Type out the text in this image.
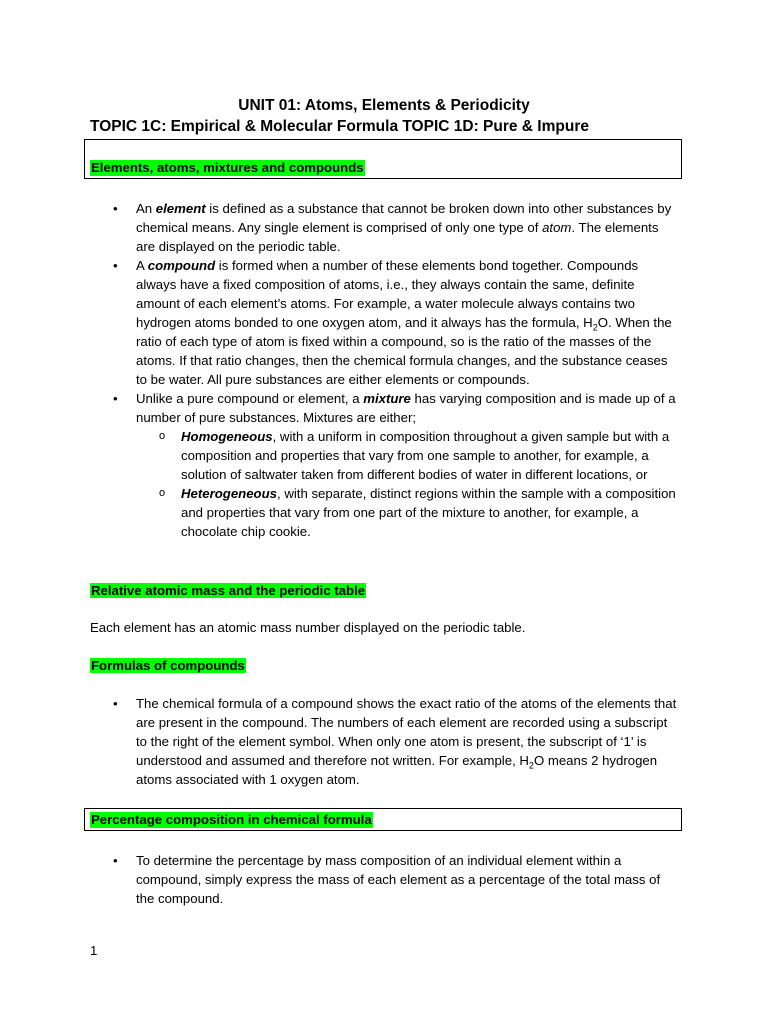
UNIT 01: Atoms, Elements & Periodicity
TOPIC 1C: Empirical & Molecular Formula TOPIC 1D: Pure & Impure
Elements, atoms, mixtures and compounds
• An element is defined as a substance that cannot be broken down into other substances by chemical means. Any single element is comprised of only one type of atom. The elements are displayed on the periodic table.
• A compound is formed when a number of these elements bond together. Compounds always have a fixed composition of atoms, i.e., they always contain the same, definite amount of each element’s atoms. For example, a water molecule always contains two hydrogen atoms bonded to one oxygen atom, and it always has the formula, $H_2O$. When the ratio of each type of atom is fixed within a compound, so is the ratio of the masses of the atoms. If that ratio changes, then the chemical formula changes, and the substance ceases to be water. All pure substances are either elements or compounds.
• Unlike a pure compound or element, a mixture has varying composition and is made up of a number of pure substances. Mixtures are either;
o Homogeneous, with a uniform in composition throughout a given sample but with a composition and properties that vary from one sample to another, for example, a solution of saltwater taken from different bodies of water in different locations, or
o Heterogeneous, with separate, distinct regions within the sample with a composition and properties that vary from one part of the mixture to another, for example, a chocolate chip cookie.
Relative atomic mass and the periodic table
Each element has an atomic mass number displayed on the periodic table.
Formulas of compounds
• The chemical formula of a compound shows the exact ratio of the atoms of the elements that are present in the compound. The numbers of each element are recorded using a subscript to the right of the element symbol. When only one atom is present, the subscript of ‘1’ is understood and assumed and therefore not written. For example, $H_2O$ means 2 hydrogen atoms associated with 1 oxygen atom.
Percentage composition in chemical formula
• To determine the percentage by mass composition of an individual element within a compound, simply express the mass of each element as a percentage of the total mass of the compound.
1
